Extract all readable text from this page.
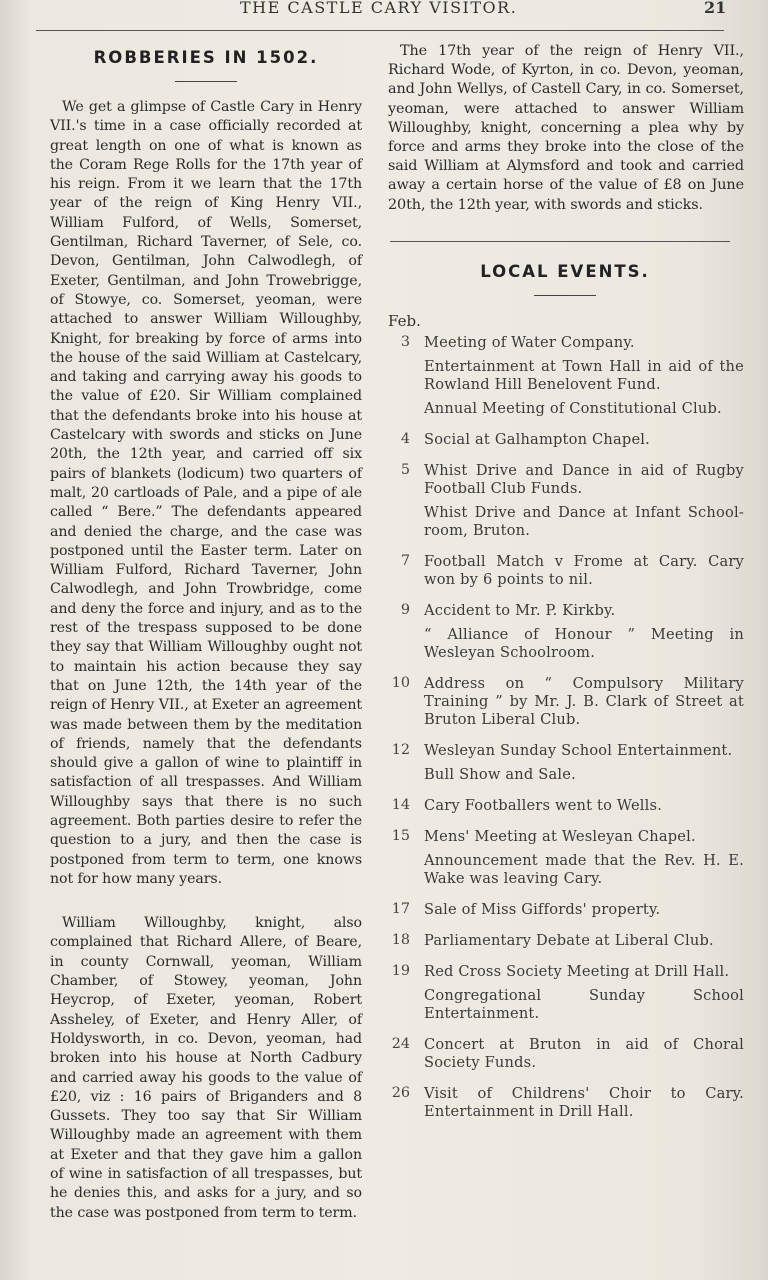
THE CASTLE CARY VISITOR.	21
ROBBERIES IN 1502.

We get a glimpse of Castle Cary in Henry VII.'s time in a case officially recorded at great length on one of what is known as the Coram Rege Rolls for the 17th year of his reign. From it we learn that the 17th year of the reign of King Henry VII., William Fulford, of Wells, Somerset, Gentilman, Richard Taverner, of Sele, co. Devon, Gentilman, John Calwodlegh, of Exeter, Gentilman, and John Trowebrigge, of Stowye, co. Somerset, yeoman, were attached to answer William Willoughby, Knight, for breaking by force of arms into the house of the said William at Castelcary, and taking and carrying away his goods to the value of £20. Sir William complained that the defendants broke into his house at Castelcary with swords and sticks on June 20th, the 12th year, and carried off six pairs of blankets (lodicum) two quarters of malt, 20 cartloads of Pale, and a pipe of ale called “ Bere.” The defendants appeared and denied the charge, and the case was postponed until the Easter term. Later on William Fulford, Richard Taverner, John Calwodlegh, and John Trowbridge, come and deny the force and injury, and as to the rest of the trespass supposed to be done they say that William Willoughby ought not to maintain his action because they say that on June 12th, the 14th year of the reign of Henry VII., at Exeter an agreement was made between them by the meditation of friends, namely that the defendants should give a gallon of wine to plaintiff in satisfaction of all trespasses. And William Willoughby says that there is no such agreement. Both parties desire to refer the question to a jury, and then the case is postponed from term to term, one knows not for how many years.

William Willoughby, knight, also complained that Richard Allere, of Beare, in county Cornwall, yeoman, William Chamber, of Stowey, yeoman, John Heycrop, of Exeter, yeoman, Robert Assheley, of Exeter, and Henry Aller, of Holdysworth, in co. Devon, yeoman, had broken into his house at North Cadbury and carried away his goods to the value of £20, viz : 16 pairs of Briganders and 8 Gussets. They too say that Sir William Willoughby made an agreement with them at Exeter and that they gave him a gallon of wine in satisfaction of all trespasses, but he denies this, and asks for a jury, and so the case was postponed from term to term.

The 17th year of the reign of Henry VII., Richard Wode, of Kyrton, in co. Devon, yeoman, and John Wellys, of Castell Cary, in co. Somerset, yeoman, were attached to answer William Willoughby, knight, concerning a plea why by force and arms they broke into the close of the said William at Alymsford and took and carried away a certain horse of the value of £8 on June 20th, the 12th year, with swords and sticks.

LOCAL EVENTS.
Feb.
3 Meeting of Water Company.
Entertainment at Town Hall in aid of the Rowland Hill Benelovent Fund.
Annual Meeting of Constitutional Club.
4 Social at Galhampton Chapel.
5 Whist Drive and Dance in aid of Rugby Football Club Funds.
Whist Drive and Dance at Infant School-room, Bruton.
7 Football Match v Frome at Cary. Cary won by 6 points to nil.
9 Accident to Mr. P. Kirkby.
“ Alliance of Honour ” Meeting in Wesleyan Schoolroom.
10 Address on “ Compulsory Military Training ” by Mr. J. B. Clark of Street at Bruton Liberal Club.
12 Wesleyan Sunday School Entertainment.
Bull Show and Sale.
14 Cary Footballers went to Wells.
15 Mens' Meeting at Wesleyan Chapel.
Announcement made that the Rev. H. E. Wake was leaving Cary.
17 Sale of Miss Giffords' property.
18 Parliamentary Debate at Liberal Club.
19 Red Cross Society Meeting at Drill Hall.
Congregational Sunday School Entertainment.
24 Concert at Bruton in aid of Choral Society Funds.
26 Visit of Childrens' Choir to Cary. Entertainment in Drill Hall.
